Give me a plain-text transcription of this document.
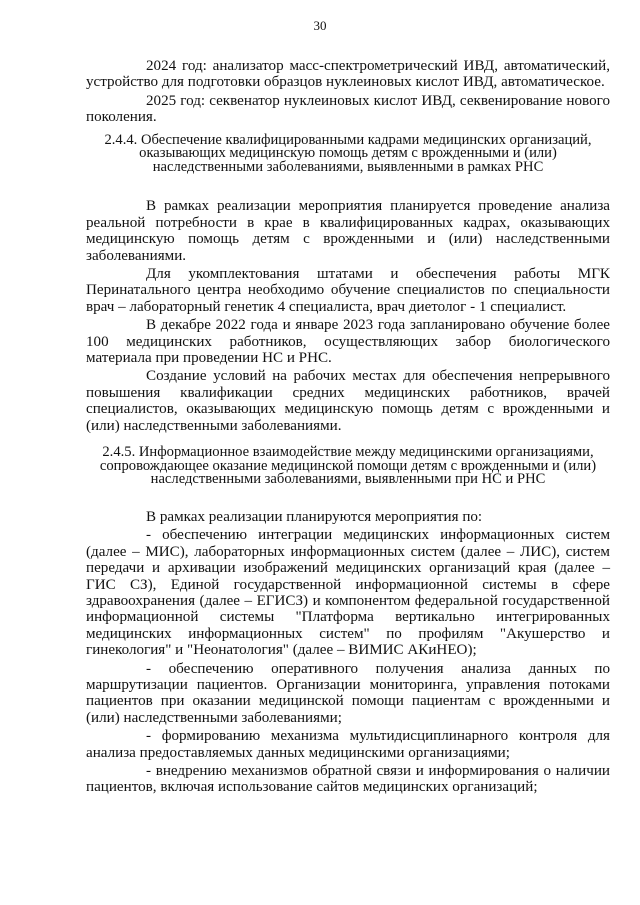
30

2024 год: анализатор масс-спектрометрический ИВД, автоматический, устройство для подготовки образцов нуклеиновых кислот ИВД, автоматическое.

2025 год: секвенатор нуклеиновых кислот ИВД, секвенирование нового поколения.

2.4.4. Обеспечение квалифицированными кадрами медицинских организаций, оказывающих медицинскую помощь детям с врожденными и (или) наследственными заболеваниями, выявленными в рамках РНС

В рамках реализации мероприятия планируется проведение анализа реальной потребности в крае в квалифицированных кадрах, оказывающих медицинскую помощь детям с врожденными и (или) наследственными заболеваниями.

Для укомплектования штатами и обеспечения работы МГК Перинатального центра необходимо обучение специалистов по специальности врач – лабораторный генетик 4 специалиста, врач диетолог - 1 специалист.

В декабре 2022 года и январе 2023 года запланировано обучение более 100 медицинских работников, осуществляющих забор биологического материала при проведении НС и РНС.

Создание условий на рабочих местах для обеспечения непрерывного повышения квалификации средних медицинских работников, врачей специалистов, оказывающих медицинскую помощь детям с врожденными и (или) наследственными заболеваниями.

2.4.5. Информационное взаимодействие между медицинскими организациями, сопровождающее оказание медицинской помощи детям с врожденными и (или) наследственными заболеваниями, выявленными при НС и РНС

В рамках реализации планируются мероприятия по:

- обеспечению интеграции медицинских информационных систем (далее – МИС), лабораторных информационных систем (далее – ЛИС), систем передачи и архивации изображений медицинских организаций края (далее – ГИС СЗ), Единой государственной информационной системы в сфере здравоохранения (далее – ЕГИСЗ) и компонентом федеральной государственной информационной системы "Платформа вертикально интегрированных медицинских информационных систем" по профилям "Акушерство и гинекология" и "Неонатология" (далее – ВИМИС АКиНЕО);

- обеспечению оперативного получения анализа данных по маршрутизации пациентов. Организации мониторинга, управления потоками пациентов при оказании медицинской помощи пациентам с врожденными и (или) наследственными заболеваниями;

- формированию механизма мультидисциплинарного контроля для анализа предоставляемых данных медицинскими организациями;

- внедрению механизмов обратной связи и информирования о наличии пациентов, включая использование сайтов медицинских организаций;
